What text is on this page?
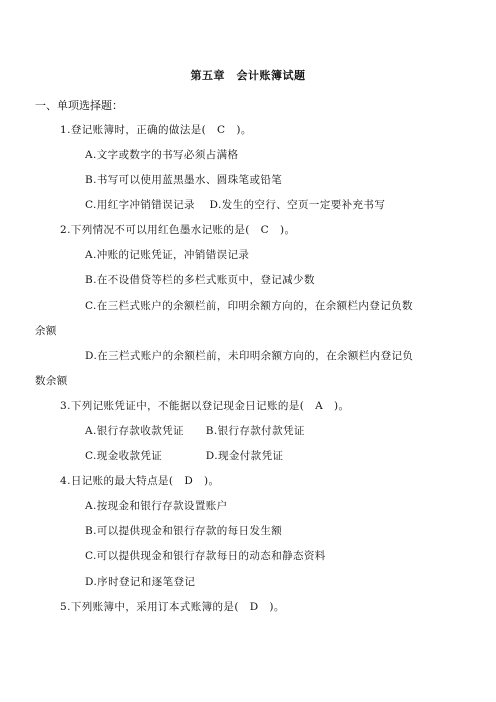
第五章　会计账簿试题
一、单项选择题：
1.登记账簿时，正确的做法是(　C　)。
A.文字或数字的书写必须占满格
B.书写可以使用蓝黑墨水、圆珠笔或铅笔
C.用红字冲销错误记录　 D.发生的空行、空页一定要补充书写
2.下列情况不可以用红色墨水记账的是(　C　)。
A.冲账的记账凭证，冲销错误记录
B.在不设借贷等栏的多栏式账页中，登记减少数
C.在三栏式账户的余额栏前，印明余额方向的，在余额栏内登记负数
余额
D.在三栏式账户的余额栏前，未印明余额方向的，在余额栏内登记负
数余额
3.下列记账凭证中，不能据以登记现金日记账的是(　A　)。
A.银行存款收款凭证　　B.银行存款付款凭证
C.现金收款凭证　　　　D.现金付款凭证
4.日记账的最大特点是(　D　)。
A.按现金和银行存款设置账户
B.可以提供现金和银行存款的每日发生额
C.可以提供现金和银行存款每日的动态和静态资料
D.序时登记和逐笔登记
5.下列账簿中，采用订本式账簿的是(　D　)。
